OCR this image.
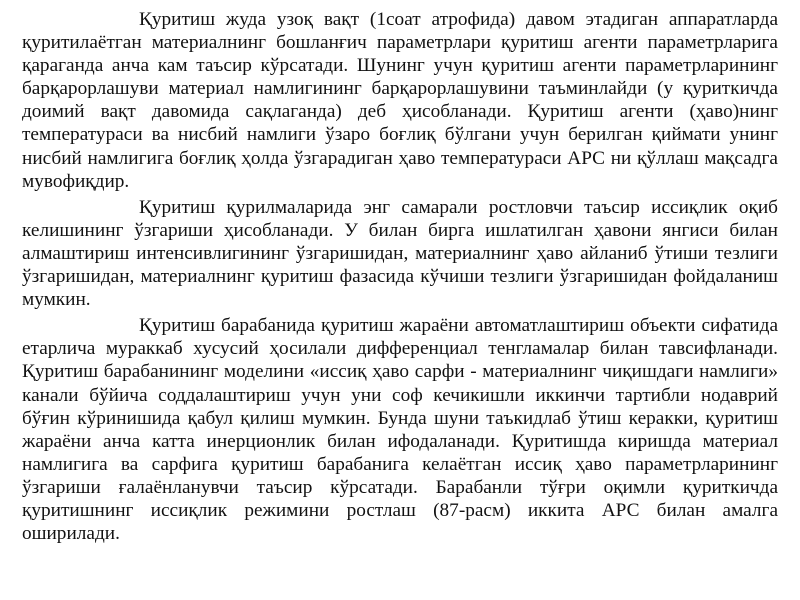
Қуритиш жуда узоқ вақт (1соат атрофида) давом этадиган аппаратларда қуритилаётган материалнинг бошланғич параметрлари қуритиш агенти параметрларига қараганда анча кам таъсир кўрсатади. Шунинг учун қуритиш агенти параметрларининг барқарорлашуви материал намлигининг барқарорлашувини таъминлайди (у қуриткичда доимий вақт давомида сақлаганда) деб ҳисобланади. Қуритиш агенти (ҳаво)нинг температураси ва нисбий намлиги ўзаро боғлиқ бўлгани учун берилган қиймати унинг нисбий намлигига боғлиқ ҳолда ўзгарадиган ҳаво температураси АРС ни қўллаш мақсадга мувофиқдир.

Қуритиш қурилмаларида энг самарали ростловчи таъсир иссиқлик оқиб келишининг ўзгариши ҳисобланади. У билан бирга ишлатилган ҳавони янгиси билан алмаштириш интенсивлигининг ўзгаришидан, материалнинг ҳаво айланиб ўтиши тезлиги ўзгаришидан, материалнинг қуритиш фазасида кўчиши тезлиги ўзгаришидан фойдаланиш мумкин.

Қуритиш барабанида қуритиш жараёни автоматлаштириш объекти сифатида етарлича мураккаб хусусий ҳосилали дифференциал тенгламалар билан тавсифланади. Қуритиш барабанининг моделини «иссиқ ҳаво сарфи - материалнинг чиқишдаги намлиги» канали бўйича соддалаштириш учун уни соф кечикишли иккинчи тартибли нодаврий бўғин кўринишида қабул қилиш мумкин. Бунда шуни таъкидлаб ўтиш керакки, қуритиш жараёни анча катта инерционлик билан ифодаланади. Қуритишда киришда материал намлигига ва сарфига қуритиш барабанига келаётган иссиқ ҳаво параметрларининг ўзгариши ғалаёнланувчи таъсир кўрсатади. Барабанли тўғри оқимли қуриткичда қуритишнинг иссиқлик режимини ростлаш (87-расм) иккита АРС билан амалга оширилади.
